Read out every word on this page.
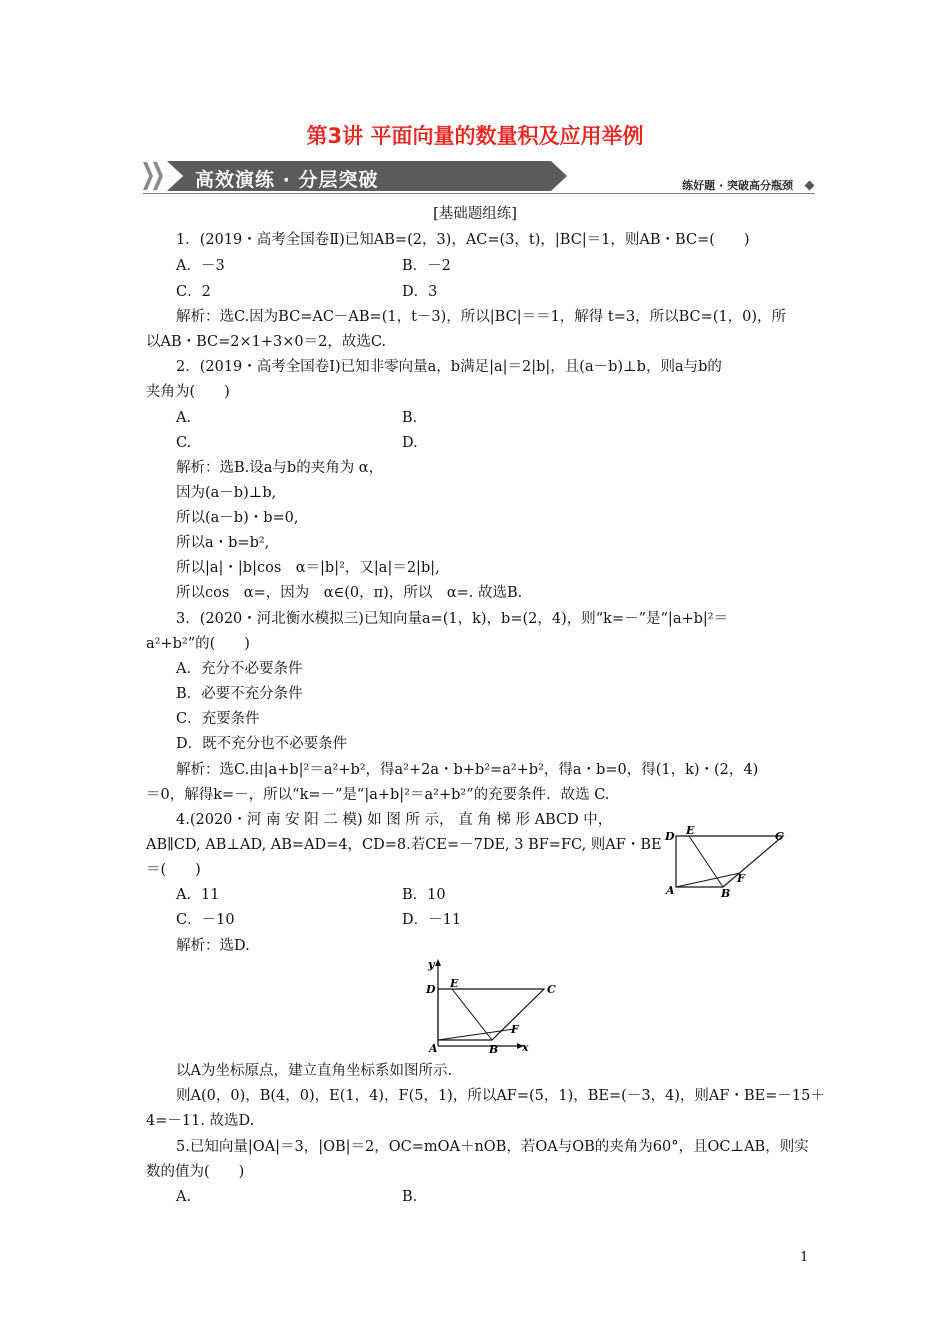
第3讲 平面向量的数量积及应用举例
高效演练 · 分层突破	练好题 · 突破高分瓶颈
[基础题组练]
1．(2019・高考全国卷Ⅱ)已知AB=(2，3)，AC=(3，t)，|BC|＝1，则AB・BC=(　　)
A．－3	B．－2
C．2	D．3
解析：选C.因为BC=AC－AB=(1，t－3)，所以|BC|＝＝1，解得 t=3，所以BC=(1，0)，所
以AB・BC=2×1+3×0＝2，故选C.
2．(2019・高考全国卷Ⅰ)已知非零向量a，b满足|a|＝2|b|，且(a－b)⊥b，则a与b的
夹角为(　　)
A.	B.
C.	D.
解析：选B.设a与b的夹角为 α，
因为(a－b)⊥b,
所以(a－b)・b=0,
所以a・b=b²,
所以|a|・|b|cos　α＝|b|²，又|a|＝2|b|,
所以cos　α=，因为　α∈(0，π)，所以　α=. 故选B.
3．(2020・河北衡水模拟三)已知向量a=(1，k)，b=(2，4)，则“k=－”是“|a+b|²＝
a²+b²”的(　　)
A．充分不必要条件
B．必要不充分条件
C．充要条件
D．既不充分也不必要条件
解析：选C.由|a+b|²＝a²+b²，得a²+2a・b+b²=a²+b²，得a・b=0，得(1，k)・(2，4)
＝0，解得k=－，所以“k=－”是“|a+b|²＝a²+b²”的充要条件．故选 C.
4.(2020・河 南 安 阳 二 模) 如 图 所 示， 直 角 梯 形 ABCD 中，
AB∥CD, AB⊥AD, AB=AD=4，CD=8.若CE=－7DE, 3 BF=FC, 则AF・BE
＝(　　)
A．11	B．10
C．－10	D．－11
解析：选D.
D E	C
A	B
F
y
D E	C
F
A	B x
以A为坐标原点，建立直角坐标系如图所示.
则A(0，0)，B(4，0)，E(1，4)，F(5，1)，所以AF=(5，1)，BE=(－3，4)，则AF・BE=－15＋
4=－11. 故选D.
5.已知向量|OA|＝3，|OB|＝2，OC=mOA＋nOB，若OA与OB的夹角为60°，且OC⊥AB，则实
数的值为(　　)
A.	B.
1
